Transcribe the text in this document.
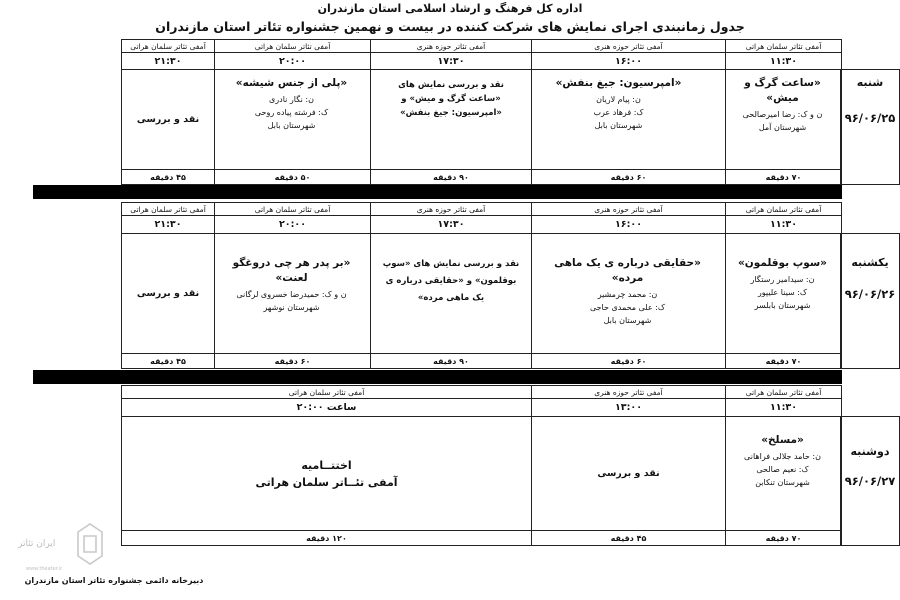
اداره کل فرهنگ و ارشاد اسلامی استان مازندران
جدول زمانبندی اجرای نمایش های شرکت کننده در بیست و نهمین جشنواره تئاتر استان مازندران
آمفی تئاتر سلمان هراتی
آمفی تئاتر حوزه هنری
آمفی تئاتر حوزه هنری
آمفی تئاتر سلمان هراتی
آمفی تئاتر سلمان هراتی
۱۱:۳۰
۱۶:۰۰
۱۷:۳۰
۲۰:۰۰
۲۱:۳۰
«ساعت گرگ و میش»
ن و ک: رضا امیرصالحی
شهرستان آمل
«امپرسیون: جیغ بنفش»
ن: پیام لاریان
ک: فرهاد عرب
شهرستان بابل
نقد و بررسی نمایش های «ساعت گرگ و میش» و «امپرسیون: جیغ بنفش»
«پلی از جنس شیشه»
ن: نگار نادری
ک: فرشته پیاده روحی
شهرستان بابل
نقد و بررسی
۷۰ دقیقه
۶۰ دقیقه
۹۰ دقیقه
۵۰ دقیقه
۴۵ دقیقه
آمفی تئاتر سلمان هراتی
آمفی تئاتر حوزه هنری
آمفی تئاتر حوزه هنری
آمفی تئاتر سلمان هراتی
آمفی تئاتر سلمان هراتی
۱۱:۳۰
۱۶:۰۰
۱۷:۳۰
۲۰:۰۰
۲۱:۳۰
«سوپ بوقلمون»
ن: سیدامیر رستگار
ک: سینا علیپور
شهرستان بابلسر
«حقایقی درباره ی یک ماهی مرده»
ن: محمد چرمشیر
ک: علی محمدی حاجی
شهرستان بابل
نقد و بررسی نمایش های «سوپ بوقلمون» و «حقایقی درباره ی یک ماهی مرده»
«بر پدر هر چی دروغگو لعنت»
ن و ک: حمیدرضا خسروی لرگانی
شهرستان نوشهر
نقد و بررسی
۷۰ دقیقه
۶۰ دقیقه
۹۰ دقیقه
۶۰ دقیقه
۴۵ دقیقه
آمفی تئاتر سلمان هراتی
آمفی تئاتر حوزه هنری
آمفی تئاتر سلمان هراتی
۱۱:۳۰
۱۳:۰۰
ساعت ۲۰:۰۰
«مسلخ»
ن: حامد جلالی فراهانی
ک: نعیم صالحی
شهرستان تنکابن
نقد و بررسی
اختتــامیه
آمفی تئــاتر سلمان هراتی
۷۰ دقیقه
۴۵ دقیقه
۱۲۰ دقیقه
شنبه
۹۶/۰۶/۲۵
یکشنبه
۹۶/۰۶/۲۶
دوشنبه
۹۶/۰۶/۲۷
ایران تئاتر
www.theater.ir
دبیرخانه دائمی جشنواره تئاتر استان مازندران
